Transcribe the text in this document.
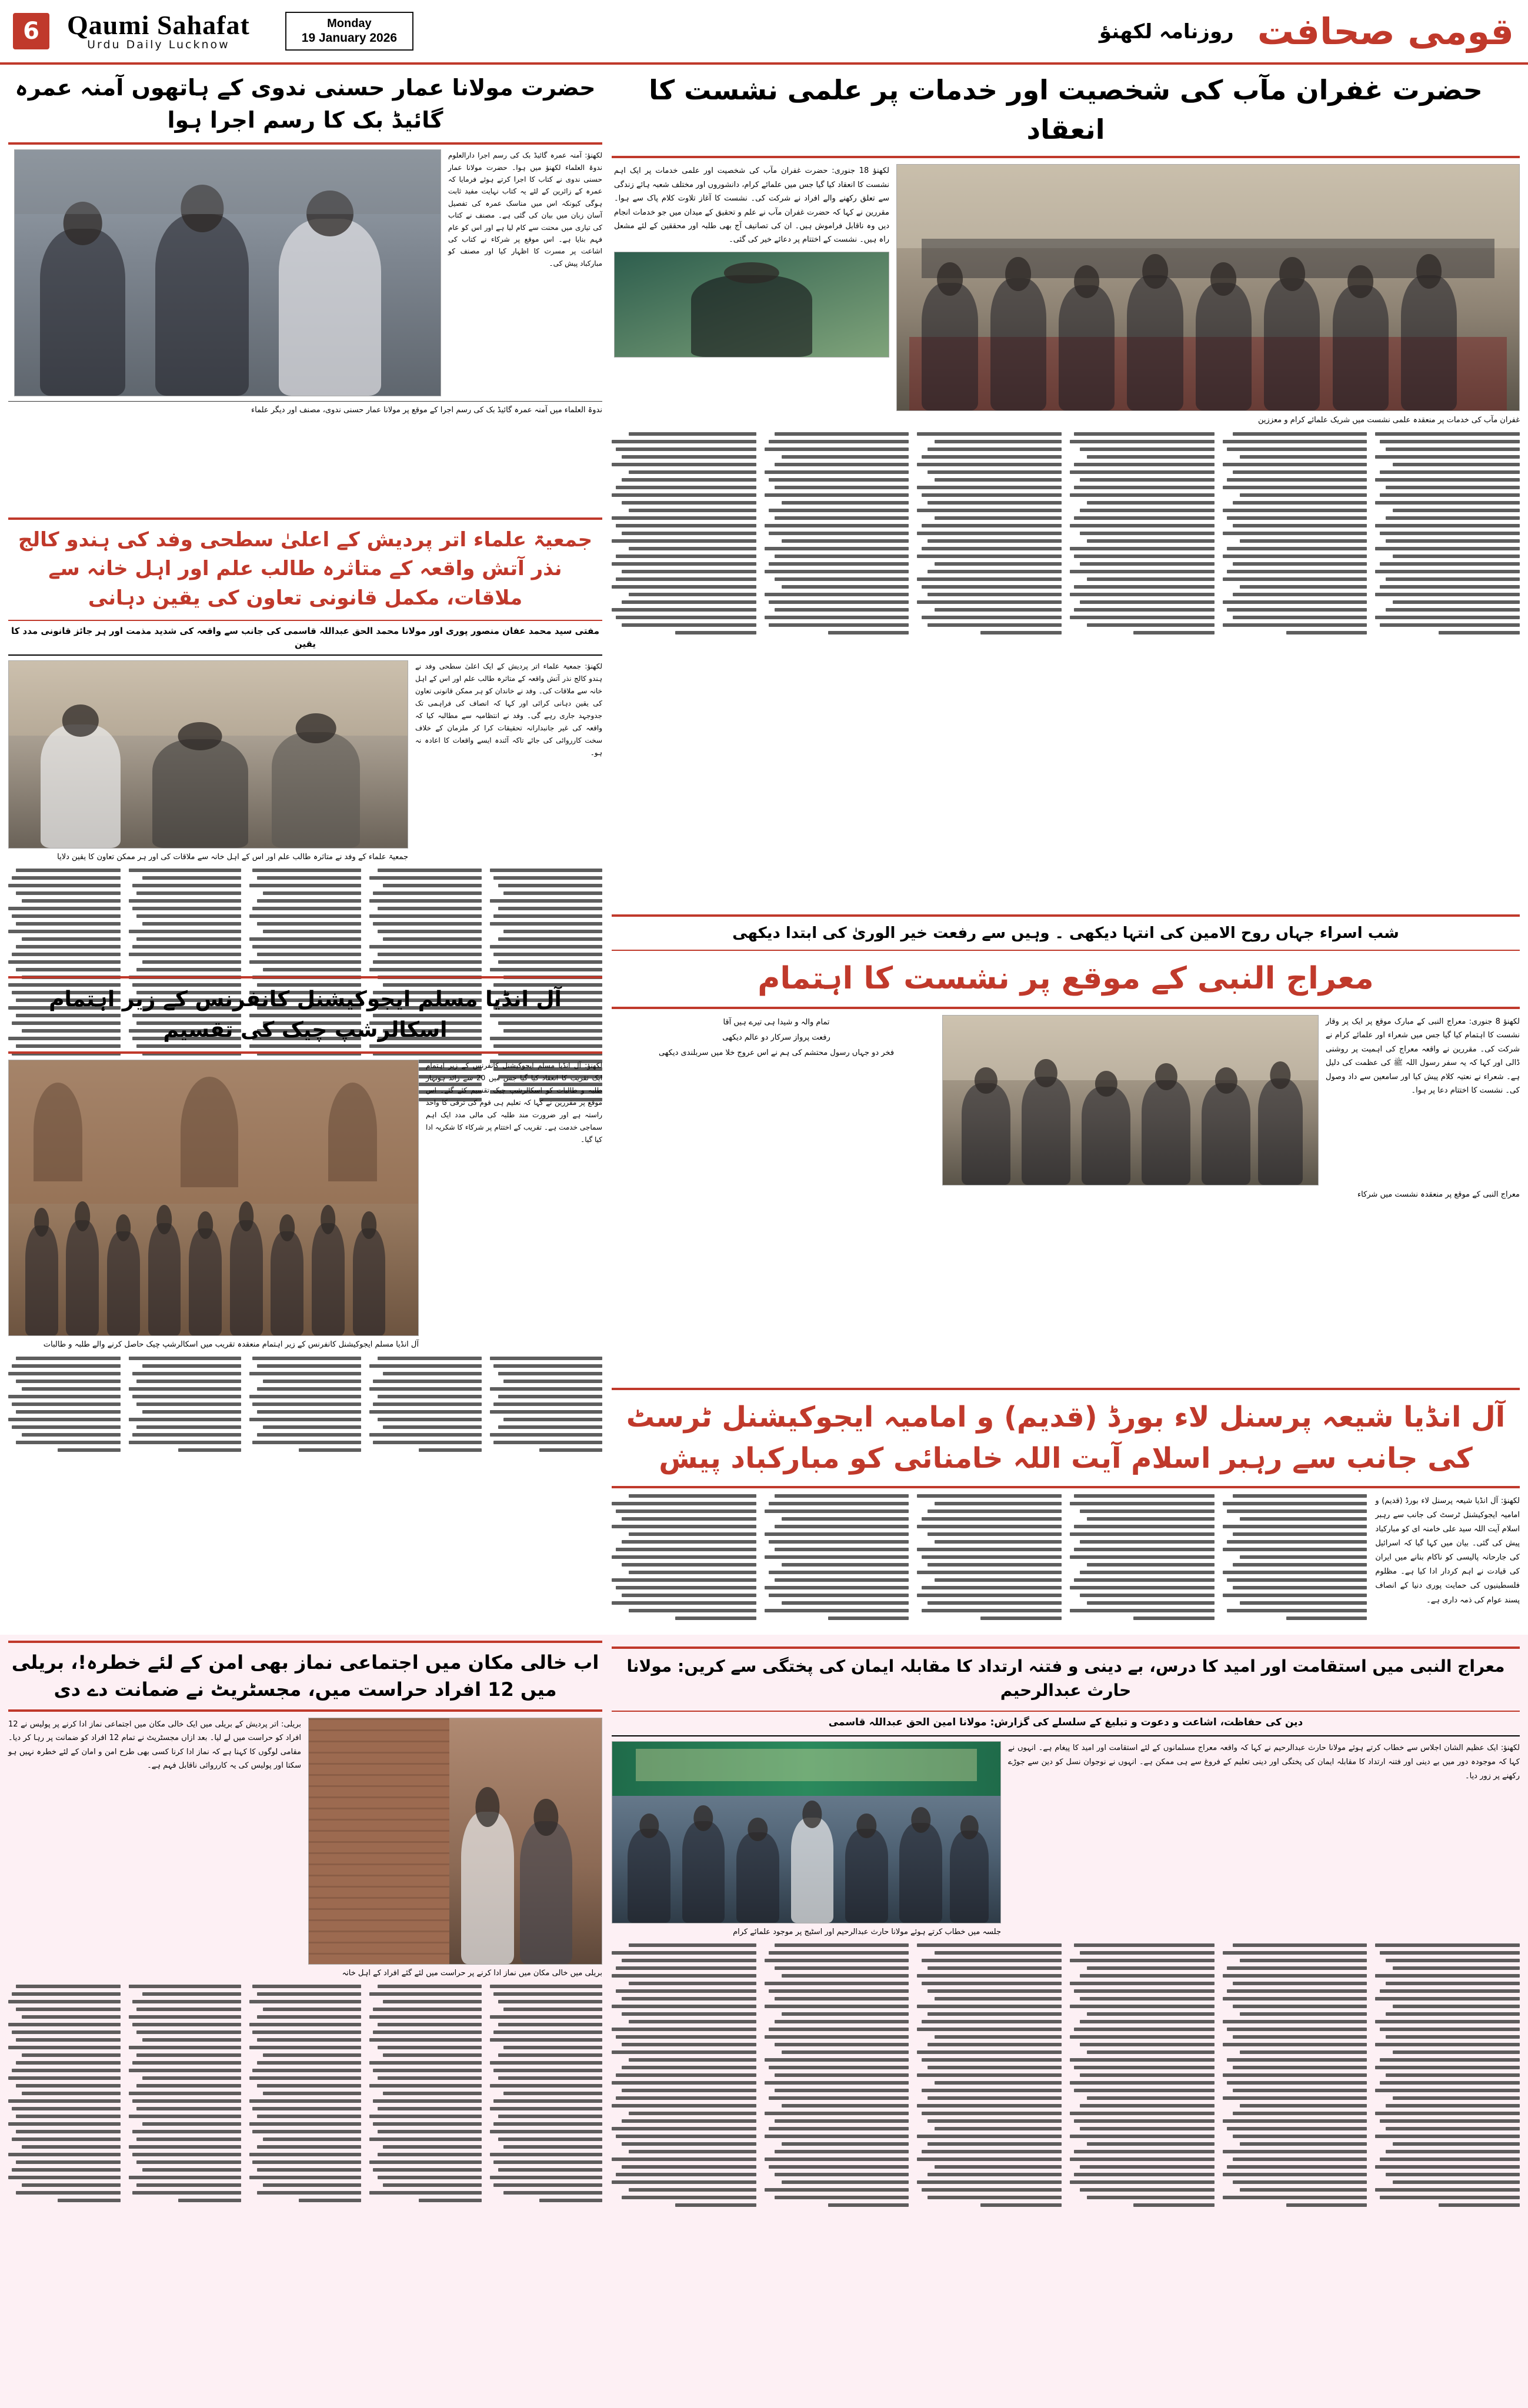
6	Qaumi Sahafat
Urdu Daily Lucknow
Monday
19 January 2026	روزنامہ لکھنؤ قومی صحافت
حضرت مولانا عمار حسنی ندوی کے ہاتھوں آمنہ عمرہ گائیڈ بک کا رسم اجرا ہوا
لکھنؤ: آمنہ عمرہ گائیڈ بک کی رسم اجرا دارالعلوم ندوۃ العلماء لکھنؤ میں ہوا۔ حضرت مولانا عمار حسنی ندوی نے کتاب کا اجرا کرتے ہوئے فرمایا کہ عمرہ کے زائرین کے لئے یہ کتاب نہایت مفید ثابت ہوگی کیونکہ اس میں مناسک عمرہ کی تفصیل آسان زبان میں بیان کی گئی ہے۔ مصنف نے کتاب کی تیاری میں محنت سے کام لیا ہے اور اس کو عام فہم بنایا ہے۔ اس موقع پر شرکاء نے کتاب کی اشاعت پر مسرت کا اظہار کیا اور مصنف کو مبارکباد پیش کی۔
ندوۃ العلماء میں آمنہ عمرہ گائیڈ بک کی رسم اجرا کے موقع پر مولانا عمار حسنی ندوی، مصنف اور دیگر علماء
حضرت غفران مآب کی شخصیت اور خدمات پر علمی نشست کا انعقاد
غفران مآب کی خدمات پر منعقدہ علمی نشست میں شریک علمائے کرام و معززین
لکھنؤ 18 جنوری: حضرت غفران مآب کی شخصیت اور علمی خدمات پر ایک اہم نشست کا انعقاد کیا گیا جس میں علمائے کرام، دانشوروں اور مختلف شعبہ ہائے زندگی سے تعلق رکھنے والے افراد نے شرکت کی۔ نشست کا آغاز تلاوت کلام پاک سے ہوا۔ مقررین نے کہا کہ حضرت غفران مآب نے علم و تحقیق کے میدان میں جو خدمات انجام دیں وہ ناقابل فراموش ہیں۔ ان کی تصانیف آج بھی طلبہ اور محققین کے لئے مشعل راہ ہیں۔ نشست کے اختتام پر دعائے خیر کی گئی۔
جمعیۃ علماء اتر پردیش کے اعلیٰ سطحی وفد کی ہندو کالج نذر آتش واقعہ کے متاثرہ طالب علم اور اہل خانہ سے ملاقات، مکمل قانونی تعاون کی یقین دہانی
مفتی سید محمد عفان منصور پوری اور مولانا محمد الحق عبداللہ قاسمی کی جانب سے واقعہ کی شدید مذمت اور ہر جائز قانونی مدد کا یقین
لکھنؤ: جمعیۃ علماء اتر پردیش کے ایک اعلیٰ سطحی وفد نے ہندو کالج نذر آتش واقعہ کے متاثرہ طالب علم اور اس کے اہل خانہ سے ملاقات کی۔ وفد نے خاندان کو ہر ممکن قانونی تعاون کی یقین دہانی کرائی اور کہا کہ انصاف کی فراہمی تک جدوجہد جاری رہے گی۔ وفد نے انتظامیہ سے مطالبہ کیا کہ واقعہ کی غیر جانبدارانہ تحقیقات کرا کر ملزمان کے خلاف سخت کارروائی کی جائے تاکہ آئندہ ایسے واقعات کا اعادہ نہ ہو۔
جمعیۃ علماء کے وفد نے متاثرہ طالب علم اور اس کے اہل خانہ سے ملاقات کی اور ہر ممکن تعاون کا یقین دلایا
شب اسراء جہاں روح الامین کی انتہا دیکھی ۔ وہیں سے رفعت خیر الوریٰ کی ابتدا دیکھی
معراج النبی کے موقع پر نشست کا اہتمام
لکھنؤ 8 جنوری: معراج النبی کے مبارک موقع پر ایک پر وقار نشست کا اہتمام کیا گیا جس میں شعراء اور علمائے کرام نے شرکت کی۔ مقررین نے واقعہ معراج کی اہمیت پر روشنی ڈالی اور کہا کہ یہ سفر رسول اللہ ﷺ کی عظمت کی دلیل ہے۔ شعراء نے نعتیہ کلام پیش کیا اور سامعین سے داد وصول کی۔ نشست کا اختتام دعا پر ہوا۔
تمام والہ و شیدا ہی تیرے ہیں آقا
رفعت پرواز سرکار دو عالم دیکھی
فخر دو جہاں رسول محتشم کی ہم نے اس عروج خلا میں سربلندی دیکھی
معراج النبی کے موقع پر منعقدہ نشست میں شرکاء
آل انڈیا مسلم ایجوکیشنل کانفرنس کے زیر اہتمام اسکالرشپ چیک کی تقسیم
لکھنؤ: آل انڈیا مسلم ایجوکیشنل کانفرنس کے زیر اہتمام ایک تقریب کا انعقاد کیا گیا جس میں 20 سے زائد ہونہار طلبہ و طالبات کو اسکالرشپ چیک تقسیم کئے گئے۔ اس موقع پر مقررین نے کہا کہ تعلیم ہی قوم کی ترقی کا واحد راستہ ہے اور ضرورت مند طلبہ کی مالی مدد ایک اہم سماجی خدمت ہے۔ تقریب کے اختتام پر شرکاء کا شکریہ ادا کیا گیا۔
آل انڈیا مسلم ایجوکیشنل کانفرنس کے زیر اہتمام منعقدہ تقریب میں اسکالرشپ چیک حاصل کرنے والے طلبہ و طالبات
آل انڈیا شیعہ پرسنل لاء بورڈ (قدیم) و امامیہ ایجوکیشنل ٹرسٹ کی جانب سے رہبر اسلام آیت اللہ خامنائی کو مبارکباد پیش
لکھنؤ: آل انڈیا شیعہ پرسنل لاء بورڈ (قدیم) و امامیہ ایجوکیشنل ٹرسٹ کی جانب سے رہبر اسلام آیت اللہ سید علی خامنہ ای کو مبارکباد پیش کی گئی۔ بیان میں کہا گیا کہ اسرائیل کی جارحانہ پالیسی کو ناکام بنانے میں ایران کی قیادت نے اہم کردار ادا کیا ہے۔ مظلوم فلسطینیوں کی حمایت پوری دنیا کے انصاف پسند عوام کی ذمہ داری ہے۔
معراج النبی میں استقامت اور امید کا درس، بے دینی و فتنہ ارتداد کا مقابلہ ایمان کی پختگی سے کریں: مولانا حارث عبدالرحیم
دین کی حفاظت، اشاعت و دعوت و تبلیغ کے سلسلے کی گزارش: مولانا امین الحق عبداللہ قاسمی
لکھنؤ: ایک عظیم الشان اجلاس سے خطاب کرتے ہوئے مولانا حارث عبدالرحیم نے کہا کہ واقعہ معراج مسلمانوں کے لئے استقامت اور امید کا پیغام ہے۔ انہوں نے کہا کہ موجودہ دور میں بے دینی اور فتنہ ارتداد کا مقابلہ ایمان کی پختگی اور دینی تعلیم کے فروغ سے ہی ممکن ہے۔ انہوں نے نوجوان نسل کو دین سے جوڑے رکھنے پر زور دیا۔
جلسہ میں خطاب کرتے ہوئے مولانا حارث عبدالرحیم اور اسٹیج پر موجود علمائے کرام
اب خالی مکان میں اجتماعی نماز بھی امن کے لئے خطرہ!، بریلی میں 12 افراد حراست میں، مجسٹریٹ نے ضمانت دے دی
بریلی میں خالی مکان میں نماز ادا کرنے پر حراست میں لئے گئے افراد کے اہل خانہ
بریلی: اتر پردیش کے بریلی میں ایک خالی مکان میں اجتماعی نماز ادا کرنے پر پولیس نے 12 افراد کو حراست میں لے لیا۔ بعد ازاں مجسٹریٹ نے تمام 12 افراد کو ضمانت پر رہا کر دیا۔ مقامی لوگوں کا کہنا ہے کہ نماز ادا کرنا کسی بھی طرح امن و امان کے لئے خطرہ نہیں ہو سکتا اور پولیس کی یہ کارروائی ناقابل فہم ہے۔
